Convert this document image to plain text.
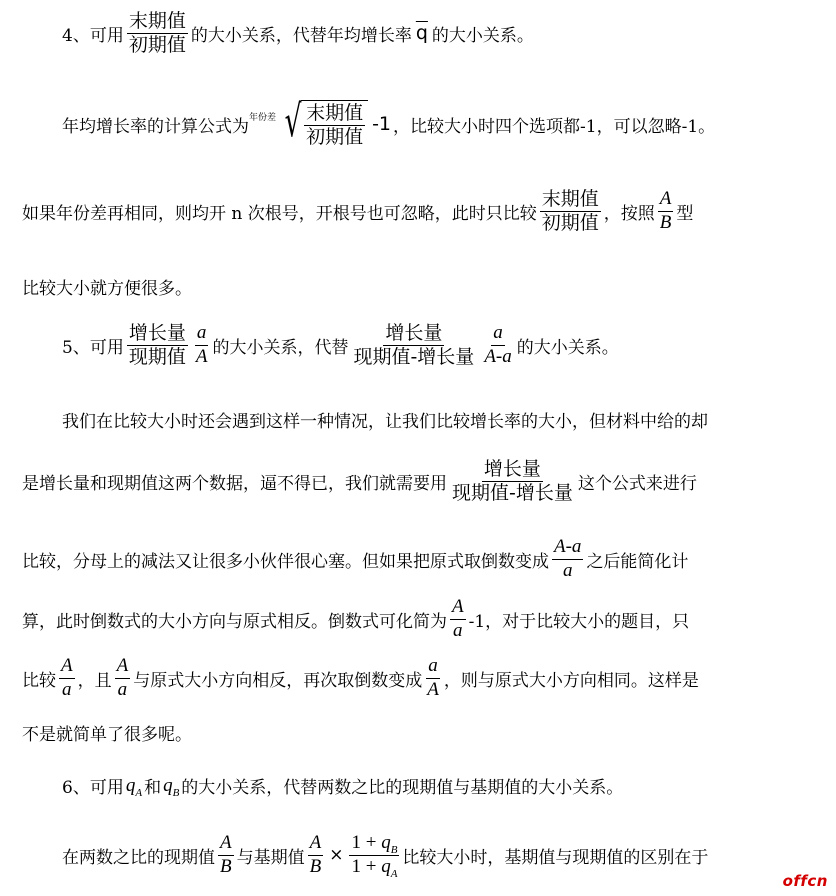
4、可用 $\frac{\text{末期值}}{\text{初期值}}$ 的大小关系，代替年均增长率 $\overline{q}$ 的大小关系。
年均增长率的计算公式为 年份差 √ $\frac{\text{末期值}}{\text{初期值}} -1$ ，比较大小时四个选项都-1，可以忽略-1。
如果年份差再相同，则均开 n 次根号，开根号也可忽略，此时只比较 $\frac{\text{末期值}}{\text{初期值}}$ ，按照 $\frac{A}{B}$ 型
比较大小就方便很多。
5、可用 $\frac{\text{增长量}}{\text{现期值}} \frac{a}{A}$ 的大小关系，代替 $\frac{\text{增长量}}{\text{现期值-增长量}} \frac{a}{A-a}$ 的大小关系。
我们在比较大小时还会遇到这样一种情况，让我们比较增长率的大小，但材料中给的却
是增长量和现期值这两个数据，逼不得已，我们就需要用 $\frac{\text{增长量}}{\text{现期值-增长量}}$ 这个公式来进行
比较，分母上的减法又让很多小伙伴很心塞。但如果把原式取倒数变成 $\frac{A-a}{a}$ 之后能简化计
算，此时倒数式的大小方向与原式相反。倒数式可化简为 $\frac{A}{a} -1$，对于比较大小的题目，只
比较 $\frac{A}{a}$ ，且 $\frac{A}{a}$ 与原式大小方向相反，再次取倒数变成 $\frac{a}{A}$ ，则与原式大小方向相同。这样是
不是就简单了很多呢。
6、可用 $q_A$ 和 $q_B$ 的大小关系，代替两数之比的现期值与基期值的大小关系。
在两数之比的现期值 $\frac{A}{B}$ 与基期值 $\frac{A}{B} \times \frac{1 + q_B}{1 + q_A}$ 比较大小时，基期值与现期值的区别在于
offcn
